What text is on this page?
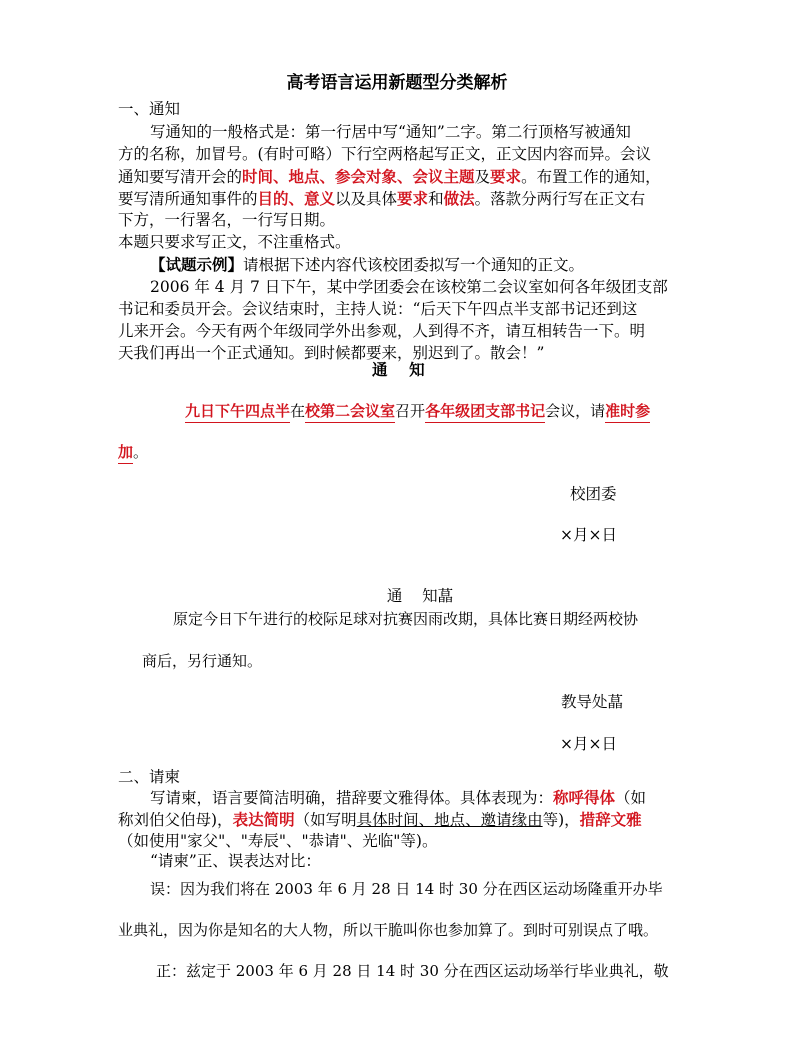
高考语言运用新题型分类解析
一、通知
写通知的一般格式是：第一行居中写“通知”二字。第二行顶格写被通知
方的名称，加冒号。(有时可略）下行空两格起写正文，正文因内容而异。会议
通知要写清开会的时间、地点、参会对象、会议主题及要求。布置工作的通知，
要写清所通知事件的目的、意义以及具体要求和做法。落款分两行写在正文右
下方，一行署名，一行写日期。
本题只要求写正文，不注重格式。
【试题示例】请根据下述内容代该校团委拟写一个通知的正文。
2006 年 4 月 7 日下午，某中学团委会在该校第二会议室如何各年级团支部
书记和委员开会。会议结束时，主持人说：“后天下午四点半支部书记还到这
儿来开会。今天有两个年级同学外出参观，人到得不齐，请互相转告一下。明
天我们再出一个正式通知。到时候都要来，别迟到了。散会！”
通    知
九日下午四点半在校第二会议室召开各年级团支部书记会议，请准时参
加。
校团委
×月×日

通    知蕌

原定今日下午进行的校际足球对抗赛因雨改期，具体比赛日期经两校协
商后，另行通知。
教导处蕌
×月×日
二、请柬
写请柬，语言要简洁明确，措辞要文雅得体。具体表现为：称呼得体（如
称刘伯父伯母)，表达简明（如写明具体时间、地点、邀请缘由等)，措辞文雅
（如使用"家父"、"寿辰"、"恭请"、光临"等)。
“请柬”正、误表达对比：
误：因为我们将在 2003 年 6 月 28 日 14 时 30 分在西区运动场隆重开办毕
业典礼，因为你是知名的大人物，所以干脆叫你也参加算了。到时可别误点了哦。
正：兹定于 2003 年 6 月 28 日 14 时 30 分在西区运动场举行毕业典礼，敬
